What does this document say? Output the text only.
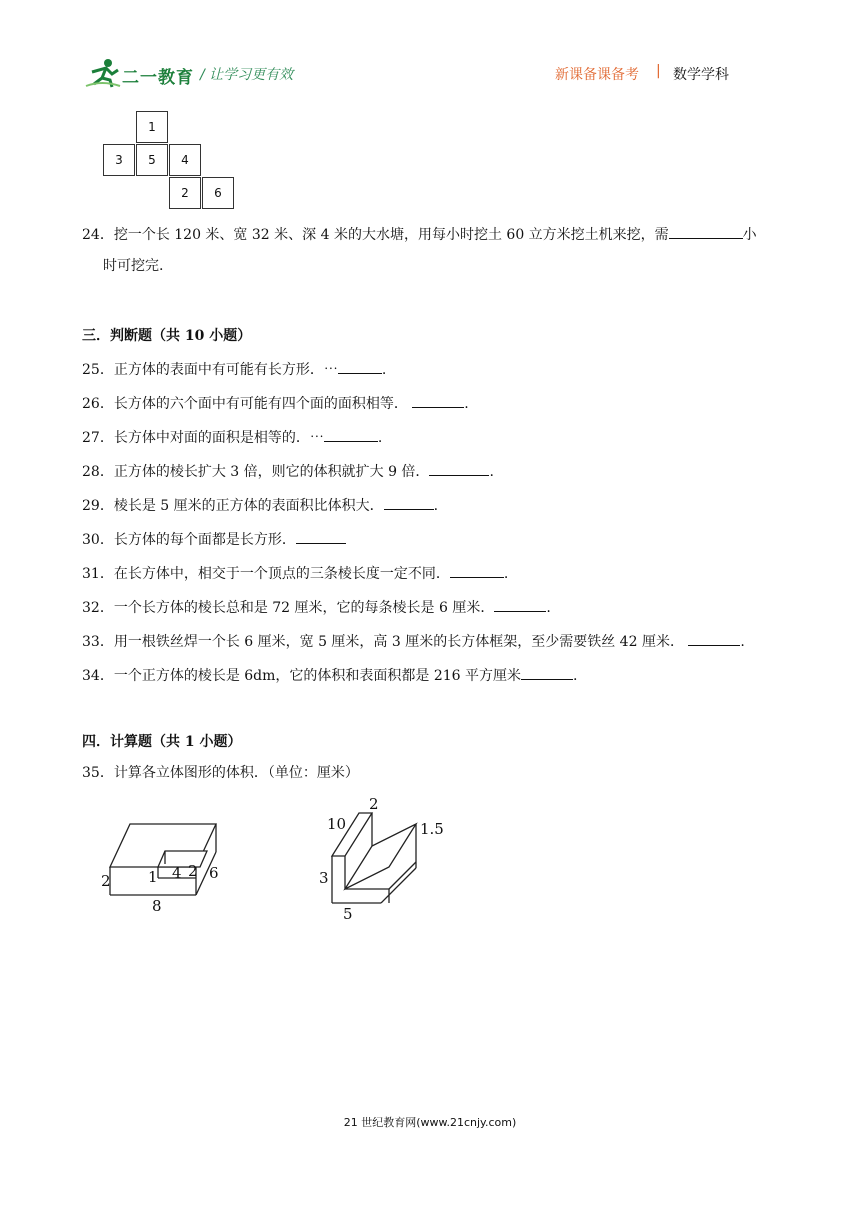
二一教育 / 让学习更有效	新课备课备考 | 数学学科
1
3	5	4
2	6
24．挖一个长 120 米、宽 32 米、深 4 米的大水塘，用每小时挖土 60 立方米挖土机来挖，需	小
时可挖完.
三．判断题（共 10 小题）
25．正方体的表面中有可能有长方形．⋯	.
26．长方体的六个面中有可能有四个面的面积相等．	.
27．长方体中对面的面积是相等的．⋯	.
28．正方体的棱长扩大 3 倍，则它的体积就扩大 9 倍．	.
29．棱长是 5 厘米的正方体的表面积比体积大．	.
30．长方体的每个面都是长方形．
31．在长方体中，相交于一个顶点的三条棱长度一定不同．	.
32．一个长方体的棱长总和是 72 厘米，它的每条棱长是 6 厘米．	.
33．用一根铁丝焊一个长 6 厘米，宽 5 厘米，高 3 厘米的长方体框架，至少需要铁丝 42 厘米．	.
34．一个正方体的棱长是 6dm，它的体积和表面积都是 216 平方厘米	.
四．计算题（共 1 小题）
35．计算各立体图形的体积．（单位：厘米）
2 1 4 2 6
8
2
10	1.5
3
5
21 世纪教育网(www.21cnjy.com)
